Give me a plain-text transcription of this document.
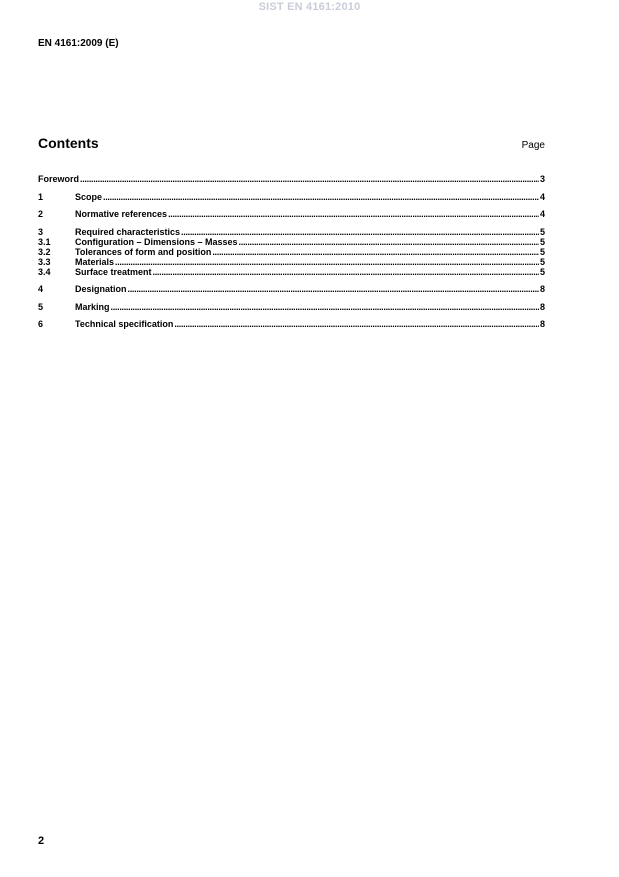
SIST EN 4161:2010
EN 4161:2009 (E)
Contents	Page
Foreword .....	3
1	Scope .....	4
2	Normative references .....	4
3	Required characteristics .....	5
3.1	Configuration – Dimensions – Masses .....	5
3.2	Tolerances of form and position .....	5
3.3	Materials .....	5
3.4	Surface treatment .....	5
4	Designation .....	8
5	Marking .....	8
6	Technical specification .....	8
2
